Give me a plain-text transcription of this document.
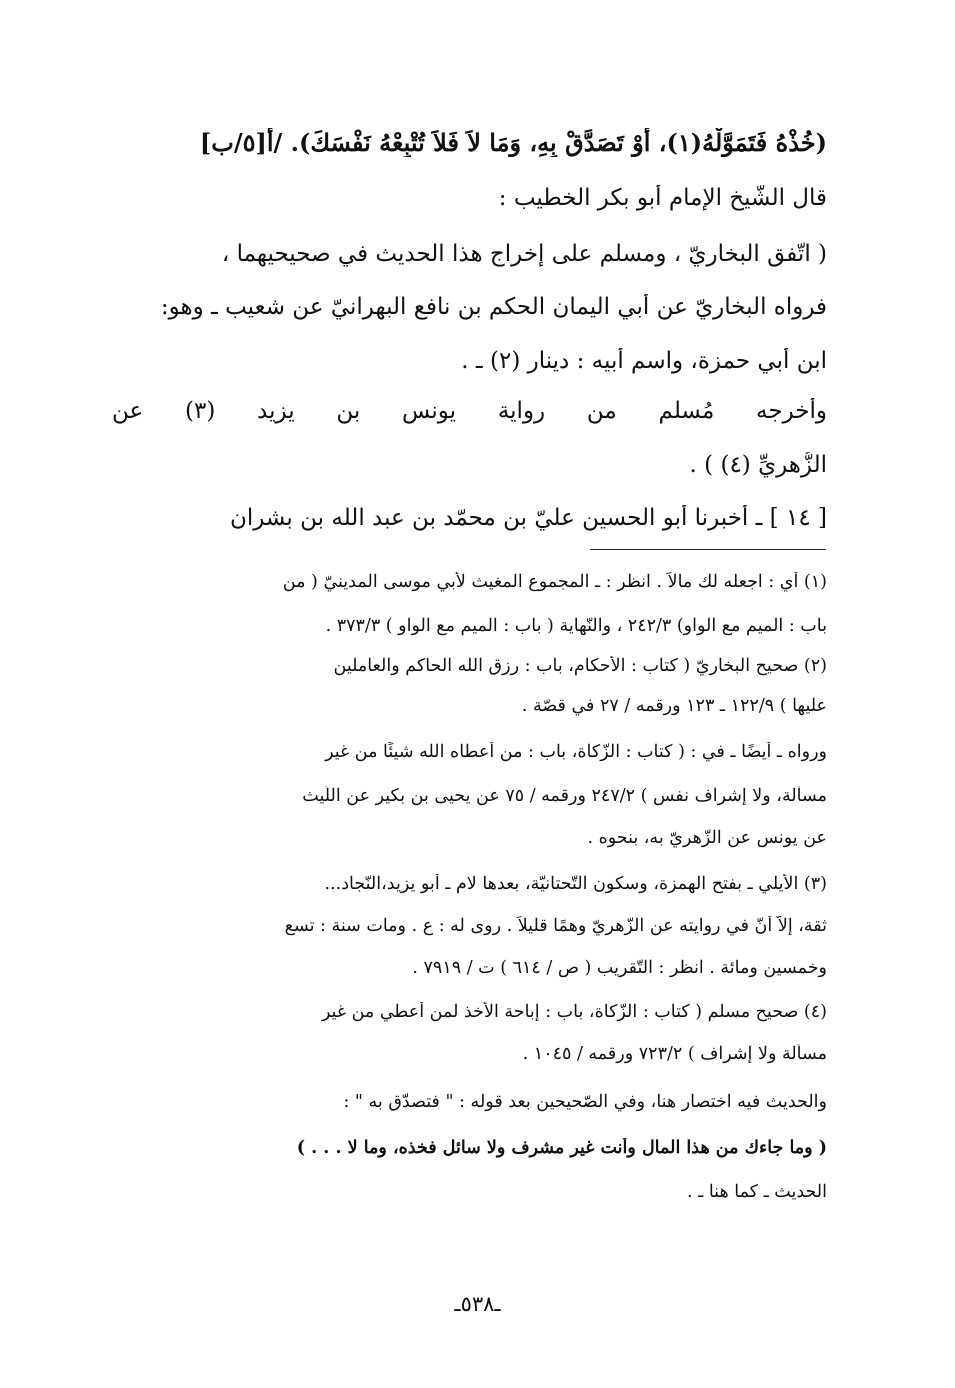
(خُذْهُ فَتَمَوَّلْهُ(١)، أَوْ تَصَدَّقْ بِهِ، وَمَا لاَ فَلاَ تُتْبِعْهُ نَفْسَكَ). /أ[٥/ب]

قال الشّيخ الإمام أبو بكر الخطيب :

( اتّفق البخاريّ ، ومسلم على إخراج هذا الحديث في صحيحيهما ،

فرواه البخاريّ عن أبي اليمان الحكم بن نافع البهرانيّ عن شعيب ـ وهو:

ابن أبي حمزة، واسم أبيه : دينار (٢) ـ .

وأخرجه مُسلم من رواية يونس بن يزيد (٣) عن

الزُّهريِّ (٤) ) .

[ ١٤ ] ـ أخبرنا أبو الحسين عليّ بن محمّد بن عبد الله بن بشران

(١) أي : اجعله لك مالاً . انظر : ـ المجموع المغيث لأبي موسى المدينيّ ( من

باب : الميم مع الواو) ٢٤٢/٣ ، والنّهاية ( باب : الميم مع الواو ) ٣٧٣/٣ .

(٢) صحيح البخاريّ ( كتاب : الأحكام، باب : رزق الله الحاكم والعاملين

عليها ) ١٢٢/٩ ـ ١٢٣ ورقمه / ٢٧ في قصّة .

ورواه ـ أيضًا ـ في : ( كتاب : الزّكاة، باب : من أعطاه الله شيئًا من غير

مسألة، ولا إشراف نفس ) ٢٤٧/٢ ورقمه / ٧٥ عن يحيى بن بكير عن اللّيث

عن يونس عن الزّهريّ به، بنحوه .

(٣) الأيلي ـ بفتح الهمزة، وسكون التّحتانيّة، بعدها لام ـ أبو يزيد،النّجاد...

ثقة، إلاّ أنّ في روايته عن الزّهريّ وهمًا قليلاً . روى له : ع . ومات سنة : تسع

وخمسين ومائة . انظر : التّقريب ( ص / ٦١٤ ) ت / ٧٩١٩ .

(٤) صحيح مسلم ( كتاب : الزّكاة، باب : إباحة الأخذ لمن أُعطي من غير

مسألة ولا إشراف ) ٧٢٣/٢ ورقمه / ١٠٤٥ .

والحديث فيه اختصار هنا، وفي الصّحيحين بعد قوله : " فتصدّق به " :

( وما جاءك من هذا المال وأنت غير مشرف ولا سائل فخذه، وما لا . . . )

الحديث ـ كما هنا ـ .

ـ٥٣٨ـ
